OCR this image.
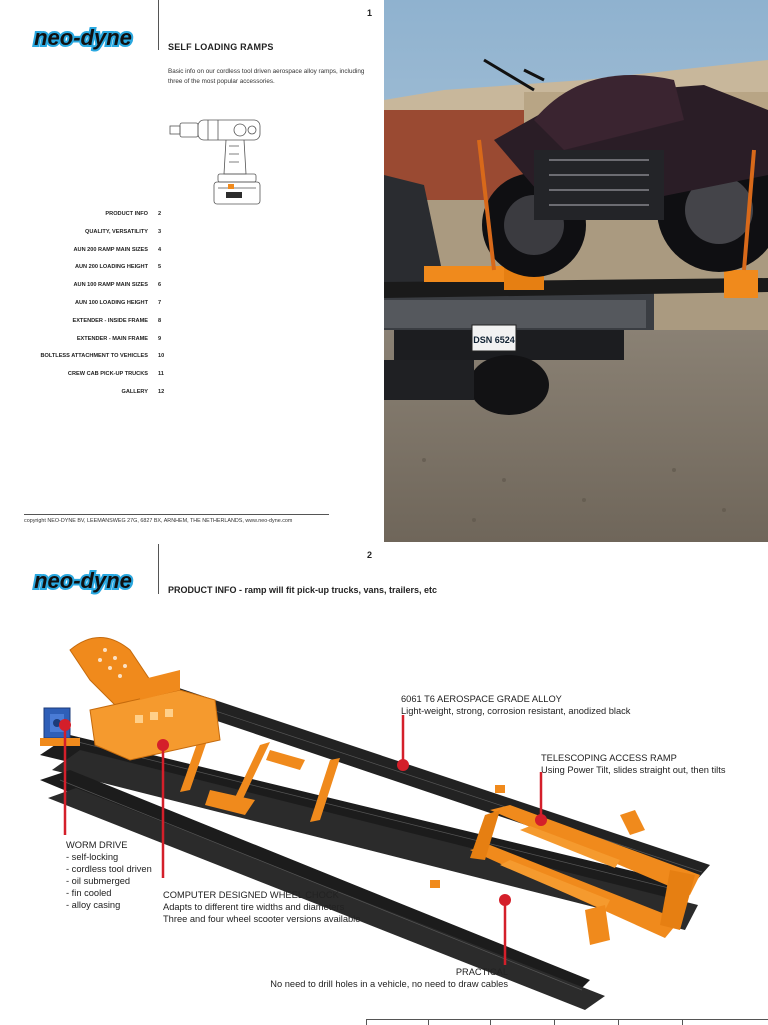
neo-dyne
1
SELF LOADING RAMPS
Basic info on our cordless tool driven aerospace alloy ramps, including three of the most popular accessories.
PRODUCT INFO 2
QUALITY, VERSATILITY 3
AUN 200 RAMP MAIN SIZES 4
AUN 200 LOADING HEIGHT 5
AUN 100 RAMP MAIN SIZES 6
AUN 100 LOADING HEIGHT 7
EXTENDER - INSIDE FRAME 8
EXTENDER - MAIN FRAME 9
BOLTLESS ATTACHMENT TO VEHICLES 10
CREW CAB PICK-UP TRUCKS 11
GALLERY 12
copyright NEO-DYNE BV, LEEMANSWEG 27G, 6827 BX, ARNHEM, THE NETHERLANDS, www.neo-dyne.com
DSN 6524
neo-dyne
2
PRODUCT INFO - ramp will fit pick-up trucks, vans, trailers, etc
6061 T6 AEROSPACE GRADE ALLOY
Light-weight, strong, corrosion resistant, anodized black
TELESCOPING ACCESS RAMP
Using Power Tilt, slides straight out, then tilts
WORM DRIVE
- self-locking
- cordless tool driven
- oil submerged
- fin cooled
- alloy casing
COMPUTER DESIGNED WHEEL CHOCK
Adapts to different tire widths and diameters
Three and four wheel scooter versions available
PRACTICAL
No need to drill holes in a vehicle, no need to draw cables
